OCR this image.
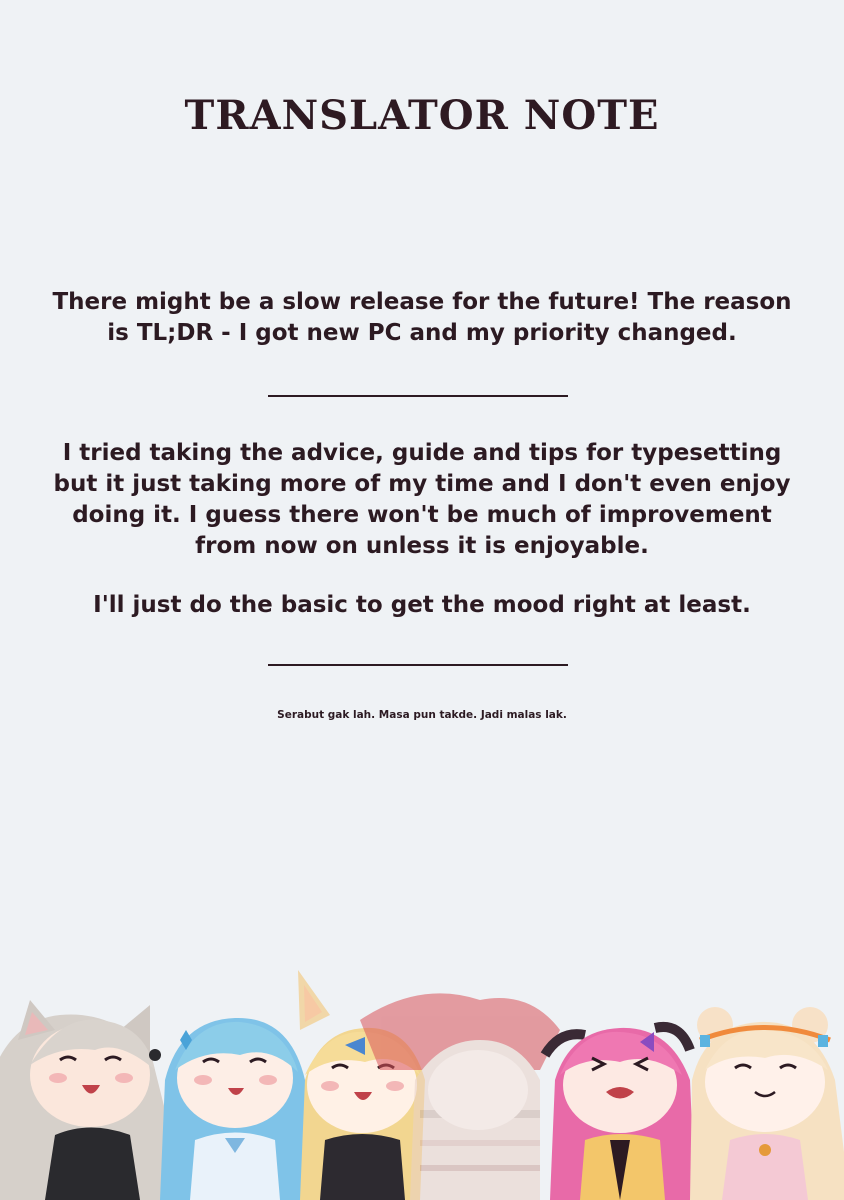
TRANSLATOR NOTE
There might be a slow release for the future! The reason is TL;DR - I got new PC and my priority changed.
I tried taking the advice, guide and tips for typesetting but it just taking more of my time and I don't even enjoy doing it. I guess there won't be much of improvement from now on unless it is enjoyable.
I'll just do the basic to get the mood right at least.
Serabut gak lah. Masa pun takde. Jadi malas lak.
